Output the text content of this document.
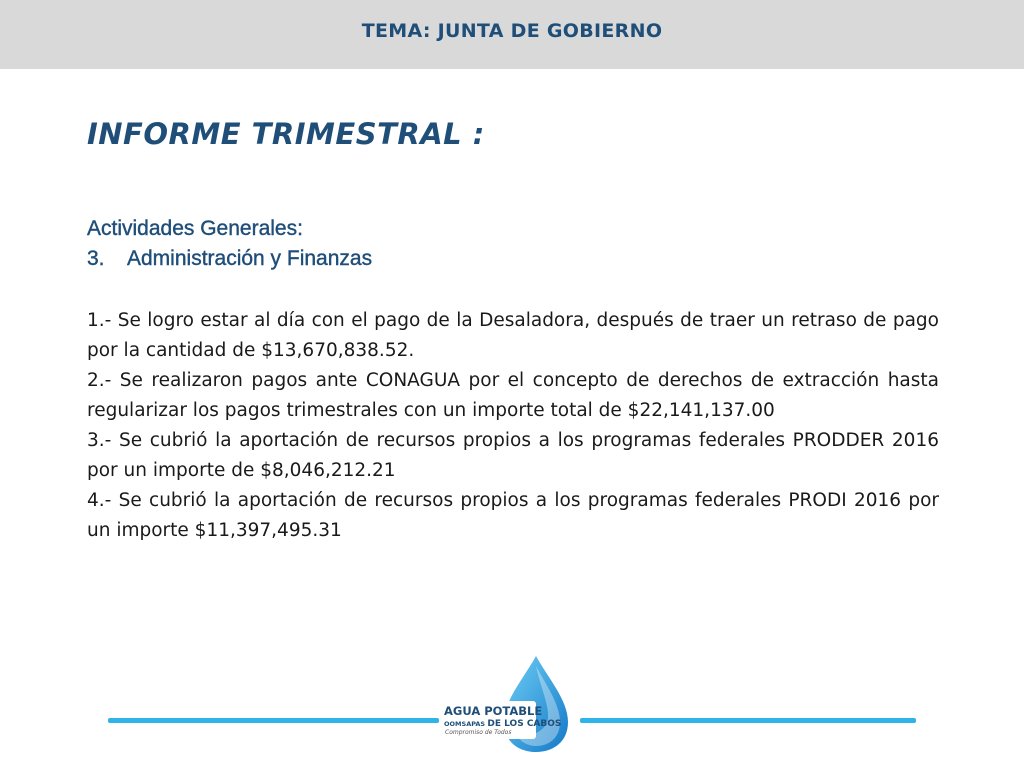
TEMA: JUNTA DE GOBIERNO
INFORME TRIMESTRAL :
Actividades Generales:
3. Administración y Finanzas

1.- Se logro estar al día con el pago de la Desaladora, después de traer un retraso de pago por la cantidad de $13,670,838.52.

2.- Se realizaron pagos ante CONAGUA por el concepto de derechos de extracción hasta regularizar los pagos trimestrales con un importe total de $22,141,137.00

3.- Se cubrió la aportación de recursos propios a los programas federales PRODDER 2016 por un importe de $8,046,212.21

4.- Se cubrió la aportación de recursos propios a los programas federales PRODI 2016 por un importe $11,397,495.31

AGUA POTABLE
OOMSAPAS DE LOS CABOS
Compromiso de Todos
